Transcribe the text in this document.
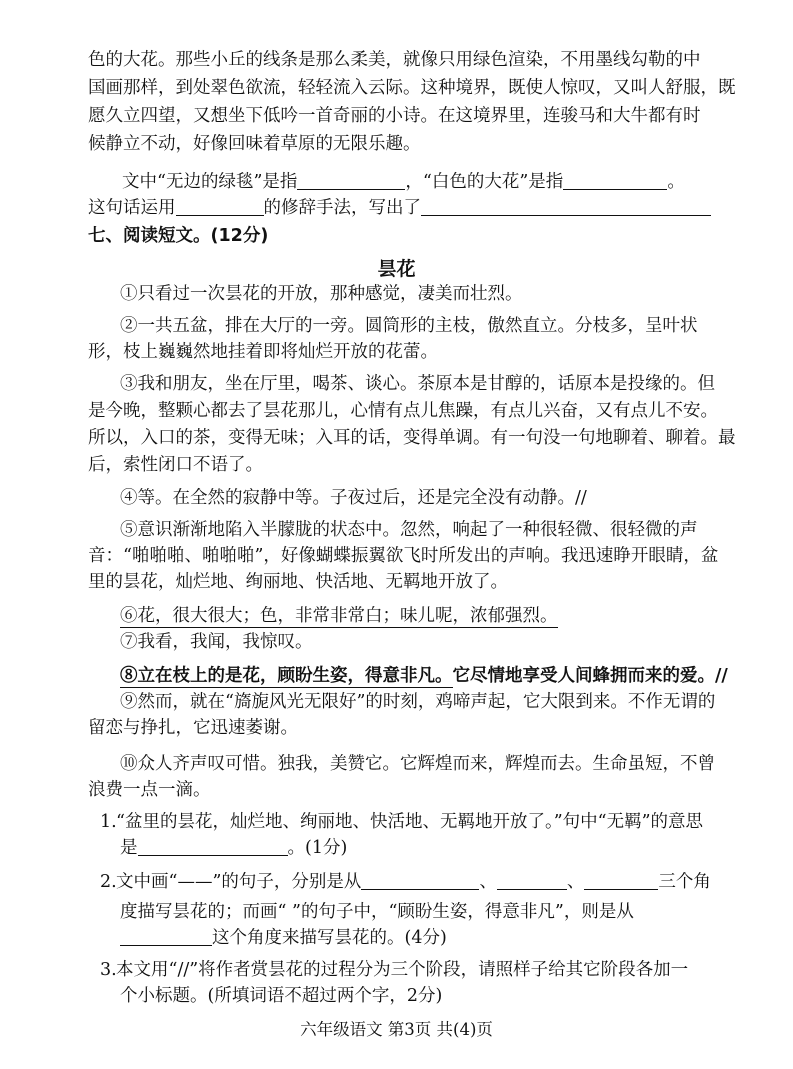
色的大花。那些小丘的线条是那么柔美，就像只用绿色渲染，不用墨线勾勒的中
国画那样，到处翠色欲流，轻轻流入云际。这种境界，既使人惊叹，又叫人舒服，既
愿久立四望，又想坐下低吟一首奇丽的小诗。在这境界里，连骏马和大牛都有时
候静立不动，好像回味着草原的无限乐趣。
文中“无边的绿毯”是指	，“白色的大花”是指	。
这句话运用	的修辞手法，写出了
七、阅读短文。(12分)
昙花
①只看过一次昙花的开放，那种感觉，凄美而壮烈。
②一共五盆，排在大厅的一旁。圆筒形的主枝，傲然直立。分枝多，呈叶状
形，枝上巍巍然地挂着即将灿烂开放的花蕾。
③我和朋友，坐在厅里，喝茶、谈心。茶原本是甘醇的，话原本是投缘的。但
是今晚，整颗心都去了昙花那儿，心情有点儿焦躁，有点儿兴奋，又有点儿不安。
所以，入口的茶，变得无味；入耳的话，变得单调。有一句没一句地聊着、聊着。最
后，索性闭口不语了。
④等。在全然的寂静中等。子夜过后，还是完全没有动静。//
⑤意识渐渐地陷入半朦胧的状态中。忽然，响起了一种很轻微、很轻微的声
音：“啪啪啪、啪啪啪”，好像蝴蝶振翼欲飞时所发出的声响。我迅速睁开眼睛，盆
里的昙花，灿烂地、绚丽地、快活地、无羁地开放了。
⑥花，很大很大；色，非常非常白；味儿呢，浓郁强烈。
⑦我看，我闻，我惊叹。
⑧立在枝上的是花，顾盼生姿，得意非凡。它尽情地享受人间蜂拥而来的爱。//
⑨然而，就在“旖旎风光无限好”的时刻，鸡啼声起，它大限到来。不作无谓的
留恋与挣扎，它迅速萎谢。
⑩众人齐声叹可惜。独我，美赞它。它辉煌而来，辉煌而去。生命虽短，不曾
浪费一点一滴。
1.“盆里的昙花，灿烂地、绚丽地、快活地、无羁地开放了。”句中“无羁”的意思
是	。(1分)
2.文中画“——”的句子，分别是从	、	、	三个角
度描写昙花的；而画“ ”的句子中，“顾盼生姿，得意非凡”，则是从
这个角度来描写昙花的。(4分)
3.本文用“//”将作者赏昙花的过程分为三个阶段，请照样子给其它阶段各加一
个小标题。(所填词语不超过两个字，2分)
六年级语文 第3页 共(4)页
